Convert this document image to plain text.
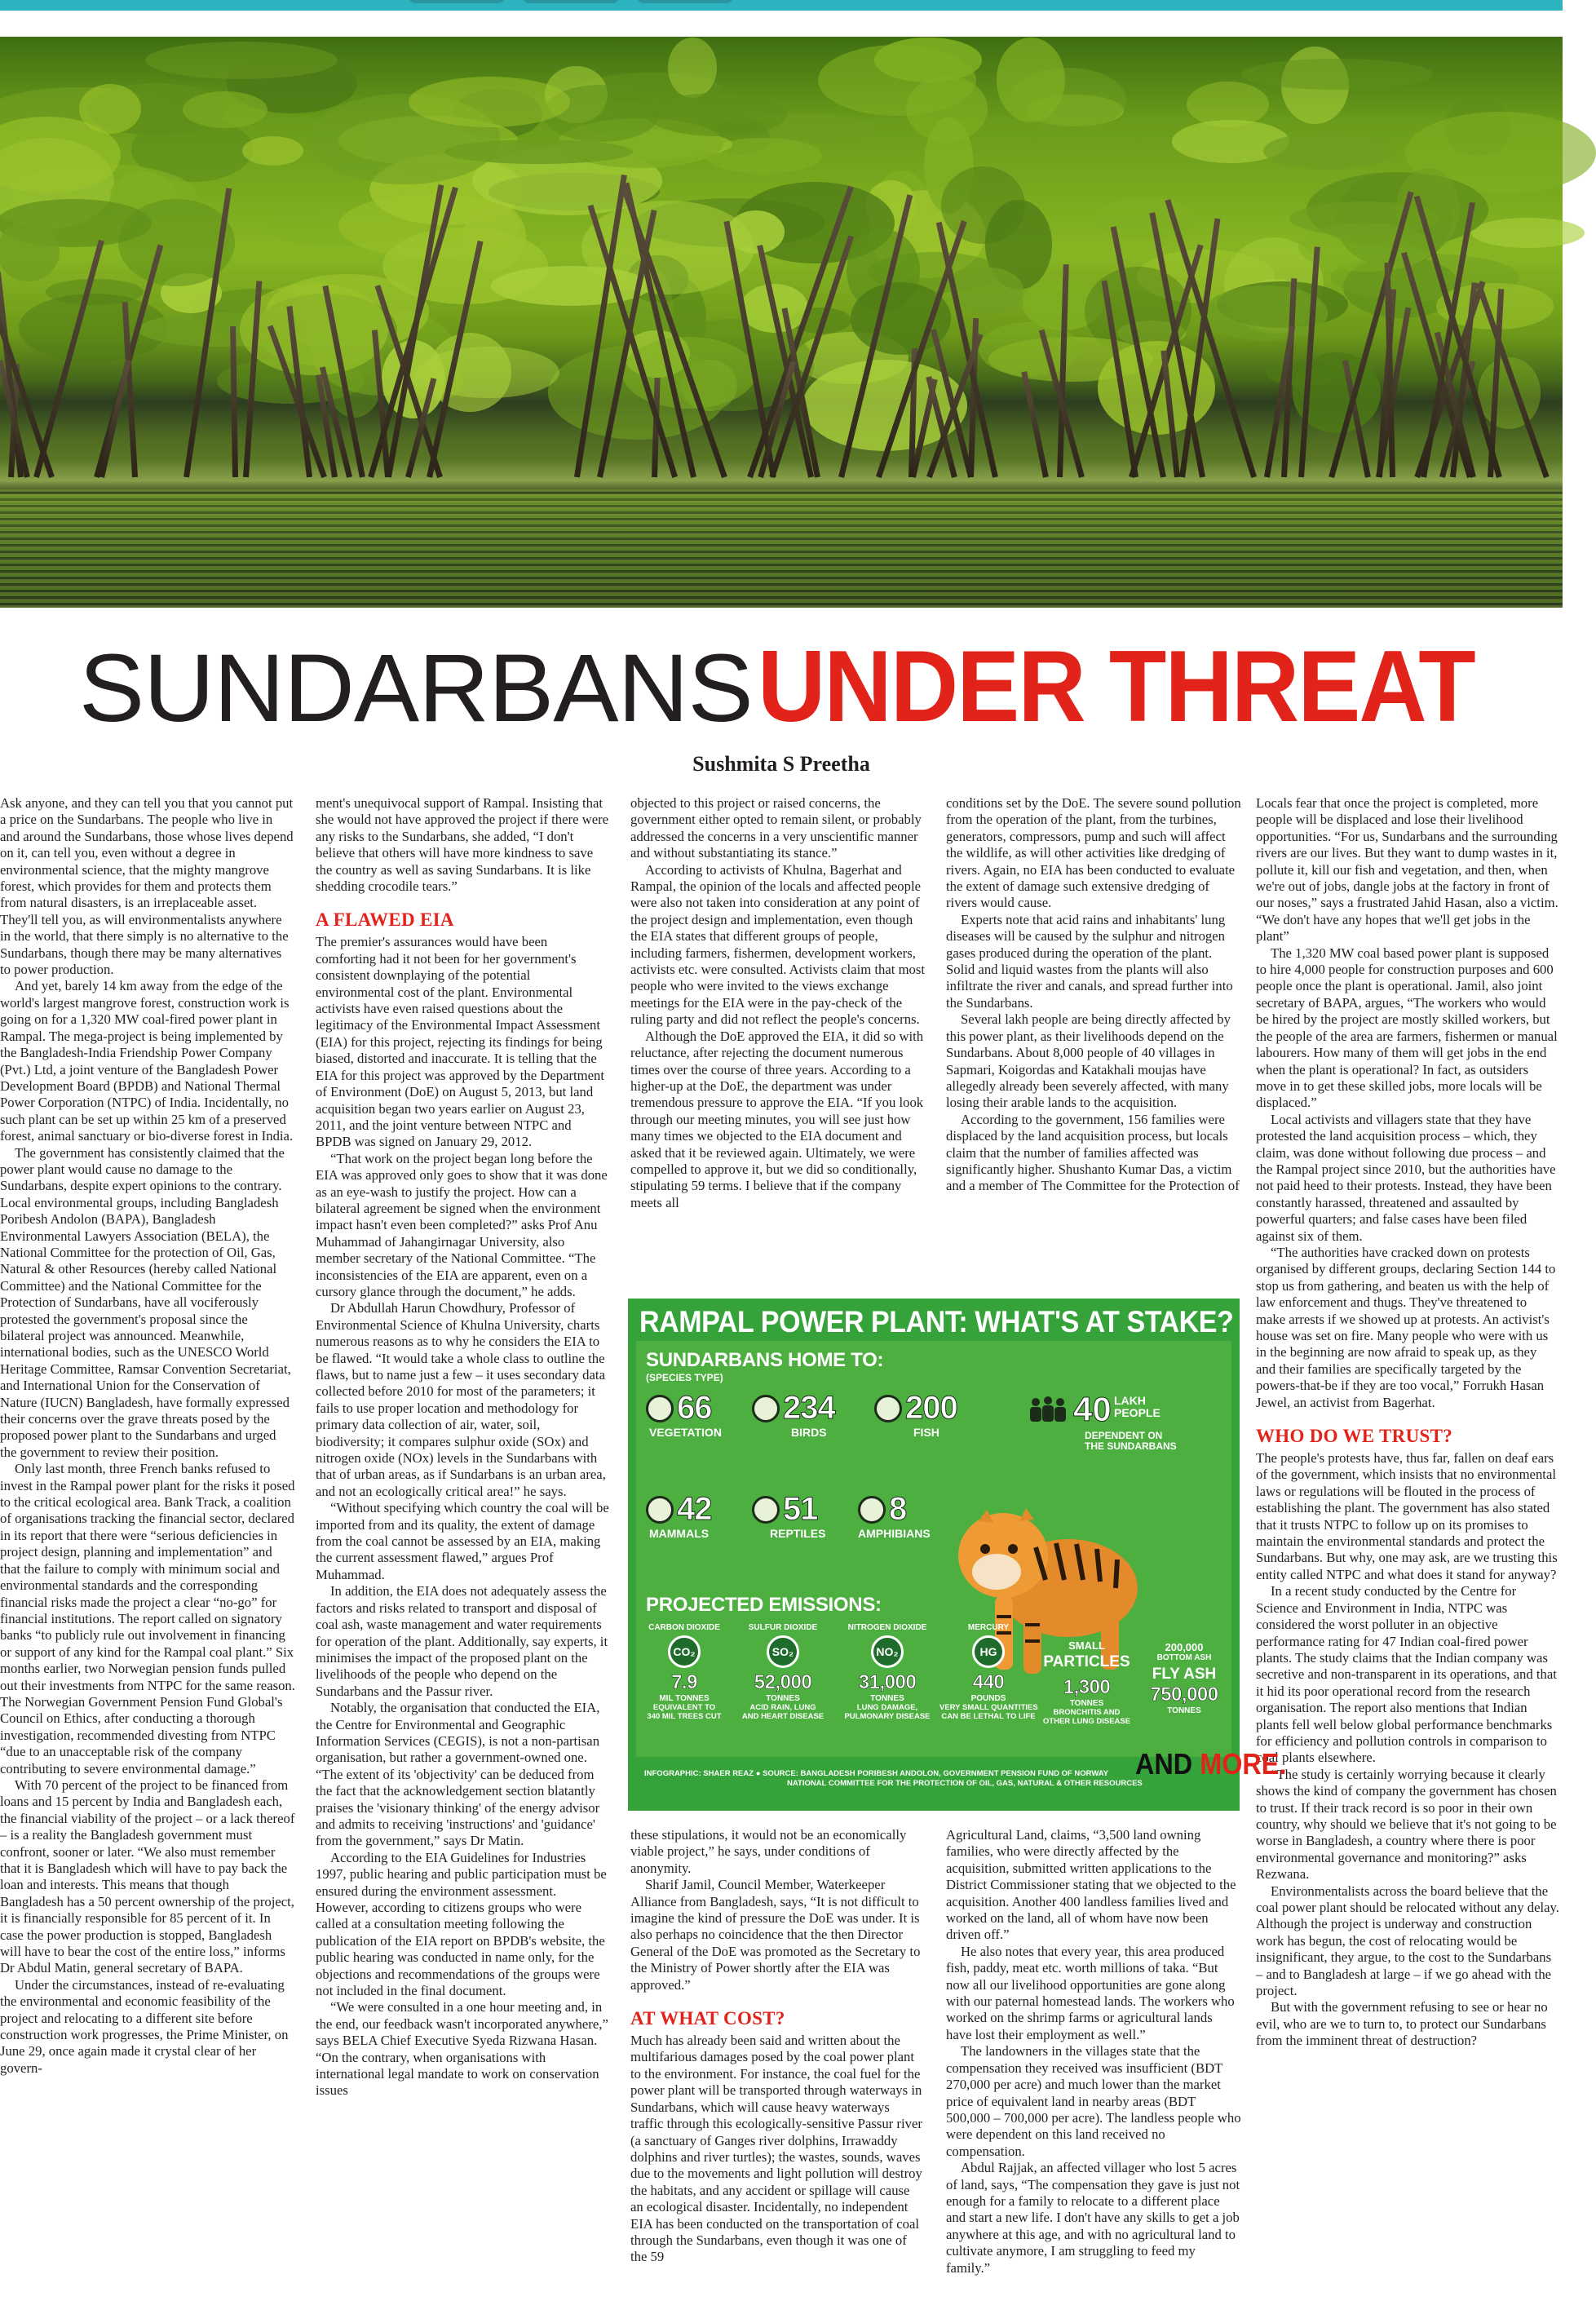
SUNDARBANSUNDER THREAT
Sushmita S Preetha

Ask anyone, and they can tell you that you cannot put a price on the Sundarbans. The people who live in and around the Sundarbans, those whose lives depend on it, can tell you, even without a degree in environmental science, that the mighty mangrove forest, which provides for them and protects them from natural disasters, is an irreplaceable asset. They'll tell you, as will environmentalists anywhere in the world, that there simply is no alternative to the Sundarbans, though there may be many alternatives to power production.

And yet, barely 14 km away from the edge of the world's largest mangrove forest, construction work is going on for a 1,320 MW coal-fired power plant in Rampal. The mega-project is being implemented by the Bangladesh-India Friendship Power Company (Pvt.) Ltd, a joint venture of the Bangladesh Power Development Board (BPDB) and National Thermal Power Corporation (NTPC) of India. Incidentally, no such plant can be set up within 25 km of a preserved forest, animal sanctuary or bio-diverse forest in India.

The government has consistently claimed that the power plant would cause no damage to the Sundarbans, despite expert opinions to the contrary. Local environmental groups, including Bangladesh Poribesh Andolon (BAPA), Bangladesh Environmental Lawyers Association (BELA), the National Committee for the protection of Oil, Gas, Natural & other Resources (hereby called National Committee) and the National Committee for the Protection of Sundarbans, have all vociferously protested the government's proposal since the bilateral project was announced. Meanwhile, international bodies, such as the UNESCO World Heritage Committee, Ramsar Convention Secretariat, and International Union for the Conservation of Nature (IUCN) Bangladesh, have formally expressed their concerns over the grave threats posed by the proposed power plant to the Sundarbans and urged the government to review their position.

Only last month, three French banks refused to invest in the Rampal power plant for the risks it posed to the critical ecological area. Bank Track, a coalition of organisations tracking the financial sector, declared in its report that there were “serious deficiencies in project design, planning and implementation” and that the failure to comply with minimum social and environmental standards and the corresponding financial risks made the project a clear “no-go” for financial institutions. The report called on signatory banks “to publicly rule out involvement in financing or support of any kind for the Rampal coal plant.” Six months earlier, two Norwegian pension funds pulled out their investments from NTPC for the same reason. The Norwegian Government Pension Fund Global's Council on Ethics, after conducting a thorough investigation, recommended divesting from NTPC “due to an unacceptable risk of the company contributing to severe environmental damage.”

With 70 percent of the project to be financed from loans and 15 percent by India and Bangladesh each, the financial viability of the project – or a lack thereof – is a reality the Bangladesh government must confront, sooner or later. “We also must remember that it is Bangladesh which will have to pay back the loan and interests. This means that though Bangladesh has a 50 percent ownership of the project, it is financially responsible for 85 percent of it. In case the power production is stopped, Bangladesh will have to bear the cost of the entire loss,” informs Dr Abdul Matin, general secretary of BAPA.

Under the circumstances, instead of re-evaluating the environmental and economic feasibility of the project and relocating to a different site before construction work progresses, the Prime Minister, on June 29, once again made it crystal clear of her govern-

ment's unequivocal support of Rampal. Insisting that she would not have approved the project if there were any risks to the Sundarbans, she added, “I don't believe that others will have more kindness to save the country as well as saving Sundarbans. It is like shedding crocodile tears.”

A FLAWED EIA

The premier's assurances would have been comforting had it not been for her government's consistent downplaying of the potential environmental cost of the plant. Environmental activists have even raised questions about the legitimacy of the Environmental Impact Assessment (EIA) for this project, rejecting its findings for being biased, distorted and inaccurate. It is telling that the EIA for this project was approved by the Department of Environment (DoE) on August 5, 2013, but land acquisition began two years earlier on August 23, 2011, and the joint venture between NTPC and BPDB was signed on January 29, 2012.

“That work on the project began long before the EIA was approved only goes to show that it was done as an eye-wash to justify the project. How can a bilateral agreement be signed when the environment impact hasn't even been completed?” asks Prof Anu Muhammad of Jahangirnagar University, also member secretary of the National Committee. “The inconsistencies of the EIA are apparent, even on a cursory glance through the document,” he adds.

Dr Abdullah Harun Chowdhury, Professor of Environmental Science of Khulna University, charts numerous reasons as to why he considers the EIA to be flawed. “It would take a whole class to outline the flaws, but to name just a few – it uses secondary data collected before 2010 for most of the parameters; it fails to use proper location and methodology for primary data collection of air, water, soil, biodiversity; it compares sulphur oxide (SOx) and nitrogen oxide (NOx) levels in the Sundarbans with that of urban areas, as if Sundarbans is an urban area, and not an ecologically critical area!” he says.

“Without specifying which country the coal will be imported from and its quality, the extent of damage from the coal cannot be assessed by an EIA, making the current assessment flawed,” argues Prof Muhammad.

In addition, the EIA does not adequately assess the factors and risks related to transport and disposal of coal ash, waste management and water requirements for operation of the plant. Additionally, say experts, it minimises the impact of the proposed plant on the livelihoods of the people who depend on the Sundarbans and the Passur river.

Notably, the organisation that conducted the EIA, the Centre for Environmental and Geographic Information Services (CEGIS), is not a non-partisan organisation, but rather a government-owned one. “The extent of its 'objectivity' can be deduced from the fact that the acknowledgement section blatantly praises the 'visionary thinking' of the energy advisor and admits to receiving 'instructions' and 'guidance' from the government,” says Dr Matin.

According to the EIA Guidelines for Industries 1997, public hearing and public participation must be ensured during the environment assessment. However, according to citizens groups who were called at a consultation meeting following the publication of the EIA report on BPDB's website, the public hearing was conducted in name only, for the objections and recommendations of the groups were not included in the final document.

“We were consulted in a one hour meeting and, in the end, our feedback wasn't incorporated anywhere,” says BELA Chief Executive Syeda Rizwana Hasan. “On the contrary, when organisations with international legal mandate to work on conservation issues

objected to this project or raised concerns, the government either opted to remain silent, or probably addressed the concerns in a very unscientific manner and without substantiating its stance.”

According to activists of Khulna, Bagerhat and Rampal, the opinion of the locals and affected people were also not taken into consideration at any point of the project design and implementation, even though the EIA states that different groups of people, including farmers, fishermen, development workers, activists etc. were consulted. Activists claim that most people who were invited to the views exchange meetings for the EIA were in the pay-check of the ruling party and did not reflect the people's concerns.

Although the DoE approved the EIA, it did so with reluctance, after rejecting the document numerous times over the course of three years. According to a higher-up at the DoE, the department was under tremendous pressure to approve the EIA. “If you look through our meeting minutes, you will see just how many times we objected to the EIA document and asked that it be reviewed again. Ultimately, we were compelled to approve it, but we did so conditionally, stipulating 59 terms. I believe that if the company meets all

conditions set by the DoE. The severe sound pollution from the operation of the plant, from the turbines, generators, compressors, pump and such will affect the wildlife, as will other activities like dredging of rivers. Again, no EIA has been conducted to evaluate the extent of damage such extensive dredging of rivers would cause.

Experts note that acid rains and inhabitants' lung diseases will be caused by the sulphur and nitrogen gases produced during the operation of the plant. Solid and liquid wastes from the plants will also infiltrate the river and canals, and spread further into the Sundarbans.

Several lakh people are being directly affected by this power plant, as their livelihoods depend on the Sundarbans. About 8,000 people of 40 villages in Sapmari, Koigordas and Katakhali moujas have allegedly already been severely affected, with many losing their arable lands to the acquisition.

According to the government, 156 families were displaced by the land acquisition process, but locals claim that the number of families affected was significantly higher. Shushanto Kumar Das, a victim and a member of The Committee for the Protection of

these stipulations, it would not be an economically viable project,” he says, under conditions of anonymity.

Sharif Jamil, Council Member, Waterkeeper Alliance from Bangladesh, says, “It is not difficult to imagine the kind of pressure the DoE was under. It is also perhaps no coincidence that the then Director General of the DoE was promoted as the Secretary to the Ministry of Power shortly after the EIA was approved.”

AT WHAT COST?

Much has already been said and written about the multifarious damages posed by the coal power plant to the environment. For instance, the coal fuel for the power plant will be transported through waterways in Sundarbans, which will cause heavy waterways traffic through this ecologically-sensitive Passur river (a sanctuary of Ganges river dolphins, Irrawaddy dolphins and river turtles); the wastes, sounds, waves due to the movements and light pollution will destroy the habitats, and any accident or spillage will cause an ecological disaster. Incidentally, no independent EIA has been conducted on the transportation of coal through the Sundarbans, even though it was one of the 59

Agricultural Land, claims, “3,500 land owning families, who were directly affected by the acquisition, submitted written applications to the District Commissioner stating that we objected to the acquisition. Another 400 landless families lived and worked on the land, all of whom have now been driven off.”

He also notes that every year, this area produced fish, paddy, meat etc. worth millions of taka. “But now all our livelihood opportunities are gone along with our paternal homestead lands. The workers who worked on the shrimp farms or agricultural lands have lost their employment as well.”

The landowners in the villages state that the compensation they received was insufficient (BDT 270,000 per acre) and much lower than the market price of equivalent land in nearby areas (BDT 500,000 – 700,000 per acre). The landless people who were dependent on this land received no compensation.

Abdul Rajjak, an affected villager who lost 5 acres of land, says, “The compensation they gave is just not enough for a family to relocate to a different place and start a new life. I don't have any skills to get a job anywhere at this age, and with no agricultural land to cultivate anymore, I am struggling to feed my family.”

Locals fear that once the project is completed, more people will be displaced and lose their livelihood opportunities. “For us, Sundarbans and the surrounding rivers are our lives. But they want to dump wastes in it, pollute it, kill our fish and vegetation, and then, when we're out of jobs, dangle jobs at the factory in front of our noses,” says a frustrated Jahid Hasan, also a victim. “We don't have any hopes that we'll get jobs in the plant”

The 1,320 MW coal based power plant is supposed to hire 4,000 people for construction purposes and 600 people once the plant is operational. Jamil, also joint secretary of BAPA, argues, “The workers who would be hired by the project are mostly skilled workers, but the people of the area are farmers, fishermen or manual labourers. How many of them will get jobs in the end when the plant is operational? In fact, as outsiders move in to get these skilled jobs, more locals will be displaced.”

Local activists and villagers state that they have protested the land acquisition process – which, they claim, was done without following due process – and the Rampal project since 2010, but the authorities have not paid heed to their protests. Instead, they have been constantly harassed, threatened and assaulted by powerful quarters; and false cases have been filed against six of them.

“The authorities have cracked down on protests organised by different groups, declaring Section 144 to stop us from gathering, and beaten us with the help of law enforcement and thugs. They've threatened to make arrests if we showed up at protests. An activist's house was set on fire. Many people who were with us in the beginning are now afraid to speak up, as they and their families are specifically targeted by the powers-that-be if they are too vocal,” Forrukh Hasan Jewel, an activist from Bagerhat.

WHO DO WE TRUST?

The people's protests have, thus far, fallen on deaf ears of the government, which insists that no environmental laws or regulations will be flouted in the process of establishing the plant. The government has also stated that it trusts NTPC to follow up on its promises to maintain the environmental standards and protect the Sundarbans. But why, one may ask, are we trusting this entity called NTPC and what does it stand for anyway?

In a recent study conducted by the Centre for Science and Environment in India, NTPC was considered the worst polluter in an objective performance rating for 47 Indian coal-fired power plants. The study claims that the Indian company was secretive and non-transparent in its operations, and that it hid its poor operational record from the research organisation. The report also mentions that Indian plants fell well below global performance benchmarks for efficiency and pollution controls in comparison to coal plants elsewhere.

“The study is certainly worrying because it clearly shows the kind of company the government has chosen to trust. If their track record is so poor in their own country, why should we believe that it's not going to be worse in Bangladesh, a country where there is poor environmental governance and monitoring?” asks Rezwana.

Environmentalists across the board believe that the coal power plant should be relocated without any delay. Although the project is underway and construction work has begun, the cost of relocating would be insignificant, they argue, to the cost to the Sundarbans – and to Bangladesh at large – if we go ahead with the project.

But with the government refusing to see or hear no evil, who are we to turn to, to protect our Sundarbans from the imminent threat of destruction?

RAMPAL POWER PLANT: WHAT'S AT STAKE?
SUNDARBANS HOME TO:
(SPECIES TYPE)
66
VEGETATION
234
BIRDS
200
FISH
42
MAMMALS
51
REPTILES
8
AMPHIBIANS
40 LAKH
PEOPLE
DEPENDENT ON
THE SUNDARBANS
PROJECTED EMISSIONS:
CARBON DIOXIDE
CO₂
7.9
MIL TONNES
EQUIVALENT TO
340 MIL TREES CUT
SULFUR DIOXIDE
SO₂
52,000
TONNES
ACID RAIN, LUNG
AND HEART DISEASE
NITROGEN DIOXIDE
NO₂
31,000
TONNES
LUNG DAMAGE,
PULMONARY DISEASE
MERCURY
HG
440
POUNDS
VERY SMALL QUANTITIES
CAN BE LETHAL TO LIFE
SMALL
PARTICLES
1,300
TONNES
BRONCHITIS AND
OTHER LUNG DISEASE
200,000
BOTTOM ASH
FLY ASH
750,000
TONNES
AND MORE.
INFOGRAPHIC: SHAER REAZ ● SOURCE: BANGLADESH PORIBESH ANDOLON, GOVERNMENT PENSION FUND OF NORWAY
NATIONAL COMMITTEE FOR THE PROTECTION OF OIL, GAS, NATURAL & OTHER RESOURCES
